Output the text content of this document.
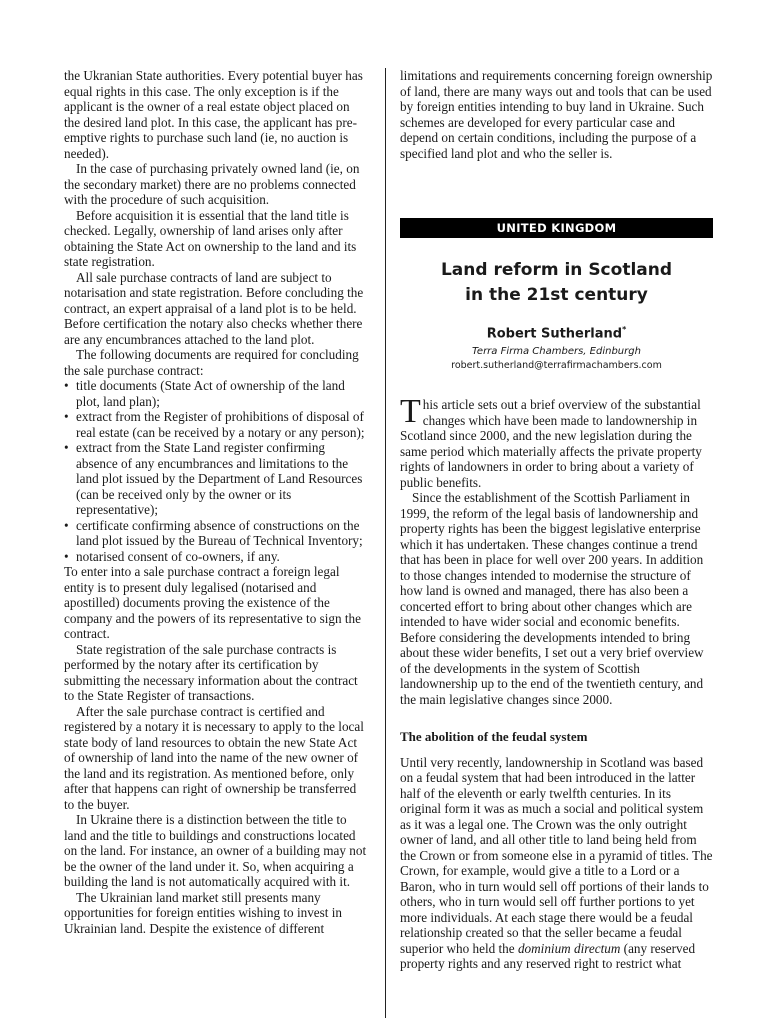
the Ukranian State authorities. Every potential buyer has equal rights in this case. The only exception is if the applicant is the owner of a real estate object placed on the desired land plot. In this case, the applicant has pre-emptive rights to purchase such land (ie, no auction is needed).

In the case of purchasing privately owned land (ie, on the secondary market) there are no problems connected with the procedure of such acquisition.

Before acquisition it is essential that the land title is checked. Legally, ownership of land arises only after obtaining the State Act on ownership to the land and its state registration.

All sale purchase contracts of land are subject to notarisation and state registration. Before concluding the contract, an expert appraisal of a land plot is to be held. Before certification the notary also checks whether there are any encumbrances attached to the land plot.

The following documents are required for concluding the sale purchase contract:

• title documents (State Act of ownership of the land plot, land plan);
• extract from the Register of prohibitions of disposal of real estate (can be received by a notary or any person);
• extract from the State Land register confirming absence of any encumbrances and limitations to the land plot issued by the Department of Land Resources (can be received only by the owner or its representative);
• certificate confirming absence of constructions on the land plot issued by the Bureau of Technical Inventory;
• notarised consent of co-owners, if any.

To enter into a sale purchase contract a foreign legal entity is to present duly legalised (notarised and apostilled) documents proving the existence of the company and the powers of its representative to sign the contract.

State registration of the sale purchase contracts is performed by the notary after its certification by submitting the necessary information about the contract to the State Register of transactions.

After the sale purchase contract is certified and registered by a notary it is necessary to apply to the local state body of land resources to obtain the new State Act of ownership of land into the name of the new owner of the land and its registration. As mentioned before, only after that happens can right of ownership be transferred to the buyer.

In Ukraine there is a distinction between the title to land and the title to buildings and constructions located on the land. For instance, an owner of a building may not be the owner of the land under it. So, when acquiring a building the land is not automatically acquired with it.

The Ukrainian land market still presents many opportunities for foreign entities wishing to invest in Ukrainian land. Despite the existence of different

limitations and requirements concerning foreign ownership of land, there are many ways out and tools that can be used by foreign entities intending to buy land in Ukraine. Such schemes are developed for every particular case and depend on certain conditions, including the purpose of a specified land plot and who the seller is.

UNITED KINGDOM
Land reform in Scotland
in the 21st century
Robert Sutherland*
Terra Firma Chambers, Edinburgh
robert.sutherland@terrafirmachambers.com

This article sets out a brief overview of the substantial changes which have been made to landownership in Scotland since 2000, and the new legislation during the same period which materially affects the private property rights of landowners in order to bring about a variety of public benefits.

Since the establishment of the Scottish Parliament in 1999, the reform of the legal basis of landownership and property rights has been the biggest legislative enterprise which it has undertaken. These changes continue a trend that has been in place for well over 200 years. In addition to those changes intended to modernise the structure of how land is owned and managed, there has also been a concerted effort to bring about other changes which are intended to have wider social and economic benefits. Before considering the developments intended to bring about these wider benefits, I set out a very brief overview of the developments in the system of Scottish landownership up to the end of the twentieth century, and the main legislative changes since 2000.

The abolition of the feudal system

Until very recently, landownership in Scotland was based on a feudal system that had been introduced in the latter half of the eleventh or early twelfth centuries. In its original form it was as much a social and political system as it was a legal one. The Crown was the only outright owner of land, and all other title to land being held from the Crown or from someone else in a pyramid of titles. The Crown, for example, would give a title to a Lord or a Baron, who in turn would sell off portions of their lands to others, who in turn would sell off further portions to yet more individuals. At each stage there would be a feudal relationship created so that the seller became a feudal superior who held the dominium directum (any reserved property rights and any reserved right to restrict what
